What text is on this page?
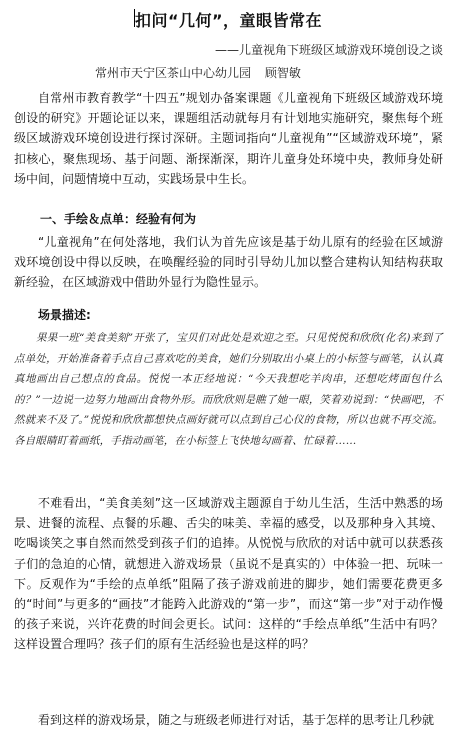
扣问“几何”，童眼皆常在
——儿童视角下班级区域游戏环境创设之谈
常州市天宁区茶山中心幼儿园 顾智敏

自常州市教育教学“十四五”规划办备案课题《儿童视角下班级区域游戏环境创设的研究》开题论证以来，课题组活动就每月有计划地实施研究，聚焦每个班级区域游戏环境创设进行探讨深研。主题词指向“儿童视角”“区域游戏环境”，紧扣核心，聚焦现场、基于问题、渐探渐深，期许儿童身处环境中央，教师身处研场中间，问题情境中互动，实践场景中生长。

一、手绘＆点单：经验有何为

“儿童视角”在何处落地，我们认为首先应该是基于幼儿原有的经验在区域游戏环境创设中得以反映，在唤醒经验的同时引导幼儿加以整合建构认知结构获取新经验，在区域游戏中借助外显行为隐性显示。

场景描述:

果果一班“美食美刻”开张了，宝贝们对此处是欢迎之至。只见悦悦和欣欣(化名)来到了点单处，开始准备着手点自己喜欢吃的美食，她们分别取出小桌上的小标签与画笔，认认真真地画出自己想点的食品。悦悦一本正经地说：“今天我想吃羊肉串，还想吃烤面包什么的？”一边说一边努力地画出食物外形。而欣欣则是瞧了她一眼，笑着劝说到：“快画吧，不然就来不及了。”悦悦和欣欣都想快点画好就可以点到自己心仪的食物，所以也就不再交流。各自眼睛盯着画纸，手指动画笔，在小标签上飞快地勾画着、忙碌着……

不难看出，“美食美刻”这一区域游戏主题源自于幼儿生活，生活中熟悉的场景、进餐的流程、点餐的乐趣、舌尖的味美、幸福的感受，以及那种身入其境、吃喝谈笑之事自然而然受到孩子们的追捧。从悦悦与欣欣的对话中就可以获悉孩子们的急迫的心情，就想进入游戏场景（虽说不是真实的）中体验一把、玩味一下。反观作为“手绘的点单纸”阻隔了孩子游戏前进的脚步，她们需要花费更多的“时间”与更多的“画技”才能跨入此游戏的“第一步”，而这“第一步”对于动作慢的孩子来说，兴许花费的时间会更长。试问：这样的“手绘点单纸”生活中有吗？这样设置合理吗？孩子们的原有生活经验也是这样的吗？

看到这样的游戏场景，随之与班级老师进行对话，基于怎样的思考让几秒就
